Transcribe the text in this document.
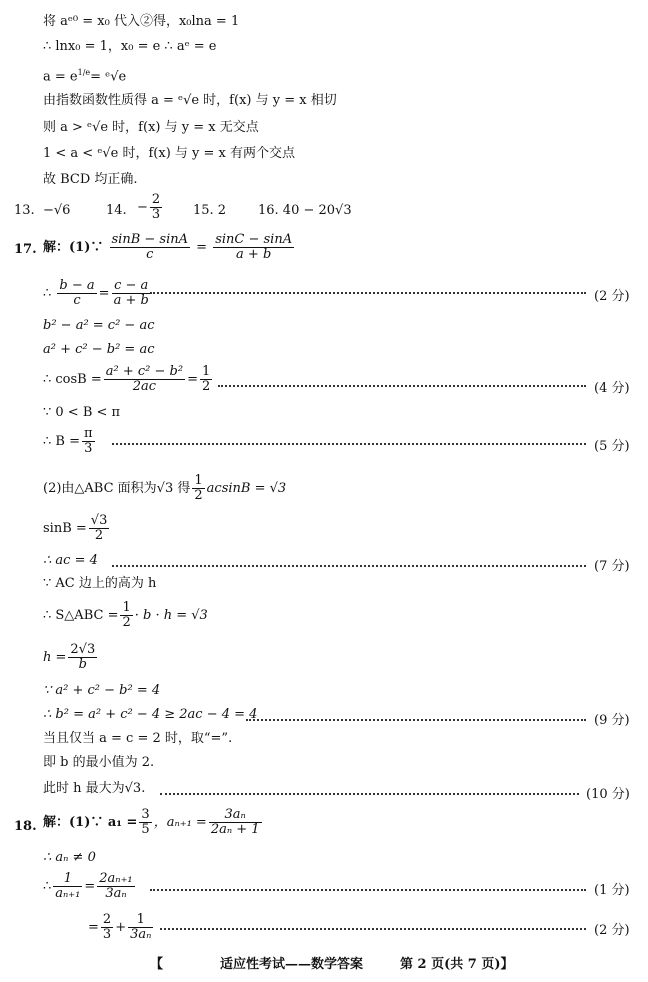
将 aᵉ⁰ = x₀ 代入②得，x₀lna = 1
∴ lnx₀ = 1，x₀ = e ∴ aᵉ = e
$a = e^{1/e}=$ ᵉ√e
由指数函数性质得 a = ᵉ√e 时，f(x) 与 y = x 相切
则 a > ᵉ√e 时，f(x) 与 y = x 无交点
1 < a < ᵉ√e 时，f(x) 与 y = x 有两个交点
故 BCD 均正确.
13. −√6	14. − $\frac{2}{3} 15$. 2 16. 40 − 20√3
17. 解：(1)∵ $\frac{\sin B - \sin A}{c} = \frac{\sin C - \sin A}{a + b}$
∴ $\frac{b - a}{c} = \frac{c - a}{a + b}$	(2 分)
b² − a² = c² − ac
a² + c² − b² = ac
∴ $\cos B = \frac{\text{a² + c² − b²}}{2ac} = \frac{1}{2}$	(4 分)
∵ 0 < B < π
∴ $B = \frac{\pi}{3}$	(5 分)
(2)由△ABC 面积为√3 得 $\frac{1}{2}$ acsinB = √3
$\sin B = \frac{√3}{2}$
∴ ac = 4	(7 分)
∵ AC 边上的高为 h
∴ S△ABC = $\frac{1}{2} \cdot b \cdot h = √3$
$h = \frac{2√3}{b}$
∵ a² + c² − b² = 4
∴ b² = a² + c² − 4 ≥ 2ac − 4 = 4	(9 分)
当且仅当 a = c = 2 时，取“=”.
即 b 的最小值为 2.
此时 h 最大为√3.	(10 分)
18. 解：(1)∵ $a_1 = \frac{3}{5}$ ，$a_{n+1} = \frac{\text{3aₙ}}{\text{2aₙ + 1}}$
∴ aₙ ≠ 0
∴ $\frac{1}{\text{aₙ₊₁}} = \frac{\text{2aₙ₊₁}}{\text{3aₙ}}$	(1 分)
= $\frac{2}{3} + \frac{1}{\text{3aₙ}}$	(2 分)
【	适应性考试——数学答案	第 2 页(共 7 页)】
